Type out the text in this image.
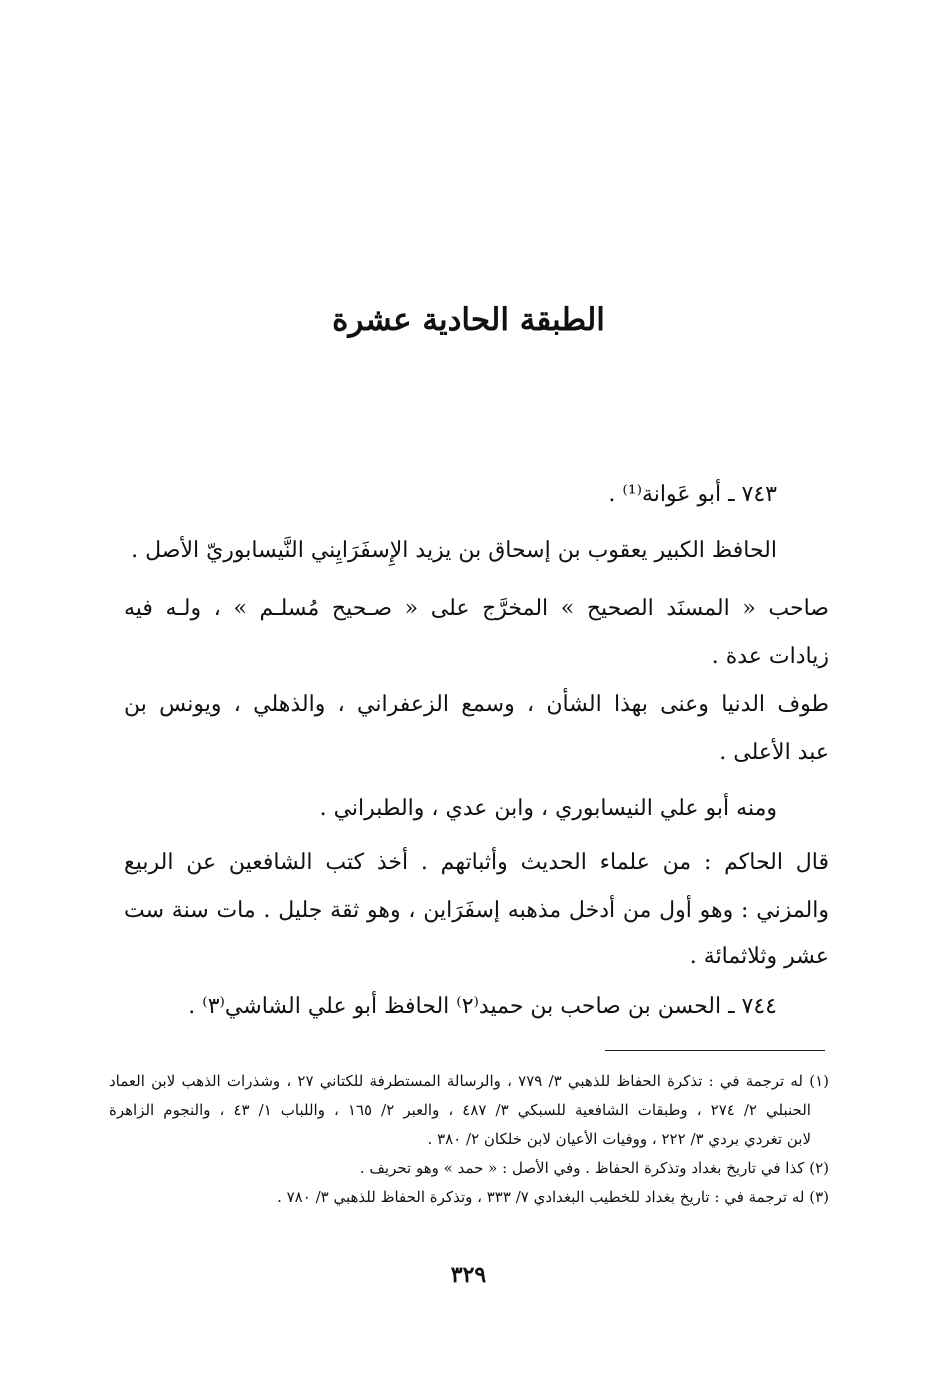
الطبقة الحادية عشرة
٧٤٣ ـ أبو عَوانة⁽¹⁾ .
الحافظ الكبير يعقوب بن إسحاق بن يزيد الإِسفَرَايِني النَّيسابوريّ الأصل .
صاحب « المسنَد الصحيح » المخرَّج على « صـحيح مُسلـم » ، ولـه فيه
زيادات عدة .
طوف الدنيا وعنى بهذا الشأن ، وسمع الزعفراني ، والذهلي ، ويونس بن
عبد الأعلى .
ومنه أبو علي النيسابوري ، وابن عدي ، والطبراني .
قال الحاكم : من علماء الحديث وأثباتهم . أخذ كتب الشافعين عن الربيع
والمزني : وهو أول من أدخل مذهبه إسفَرَاين ، وهو ثقة جليل . مات سنة ست
عشر وثلاثمائة .
٧٤٤ ـ الحسن بن صاحب بن حميد⁽٢⁾ الحافظ أبو علي الشاشي⁽٣⁾ .
(١) له ترجمة في : تذكرة الحفاظ للذهبي ٣/ ٧٧٩ ، والرسالة المستطرفة للكتاني ٢٧ ، وشذرات الذهب لابن العماد
الحنبلي ٢/ ٢٧٤ ، وطبقات الشافعية للسبكي ٣/ ٤٨٧ ، والعبر ٢/ ١٦٥ ، واللباب ١/ ٤٣ ، والنجوم الزاهرة
لابن تغردي بردي ٣/ ٢٢٢ ، ووفيات الأعيان لابن خلكان ٢/ ٣٨٠ .
(٢) كذا في تاريخ بغداد وتذكرة الحفاظ . وفي الأصل : « حمد » وهو تحريف .
(٣) له ترجمة في : تاريخ بغداد للخطيب البغدادي ٧/ ٣٣٣ ، وتذكرة الحفاظ للذهبي ٣/ ٧٨٠ .
٣٢٩
